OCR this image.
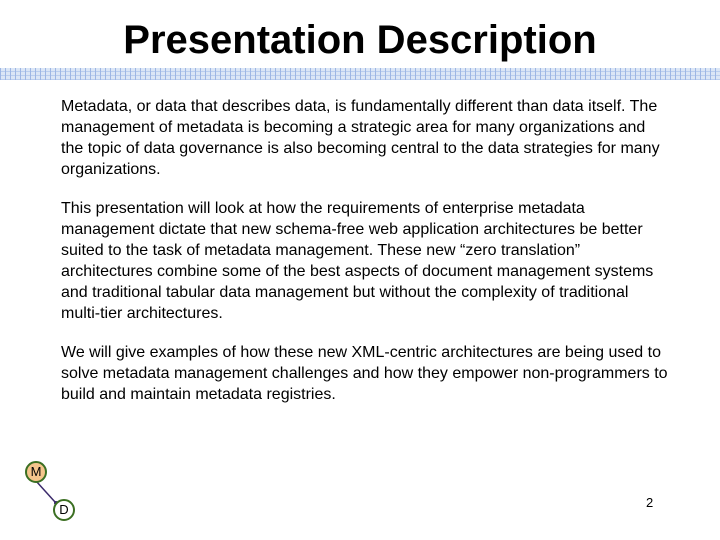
Presentation Description

Metadata, or data that describes data, is fundamentally different than data itself. The management of metadata is becoming a strategic area for many organizations and the topic of data governance is also becoming central to the data strategies for many organizations.

This presentation will look at how the requirements of enterprise metadata management dictate that new schema-free web application architectures be better suited to the task of metadata management. These new “zero translation” architectures combine some of the best aspects of document management systems and traditional tabular data management but without the complexity of traditional multi-tier architectures.

We will give examples of how these new XML-centric architectures are being used to solve metadata management challenges and how they empower non-programmers to build and maintain metadata registries.

M
D	2
